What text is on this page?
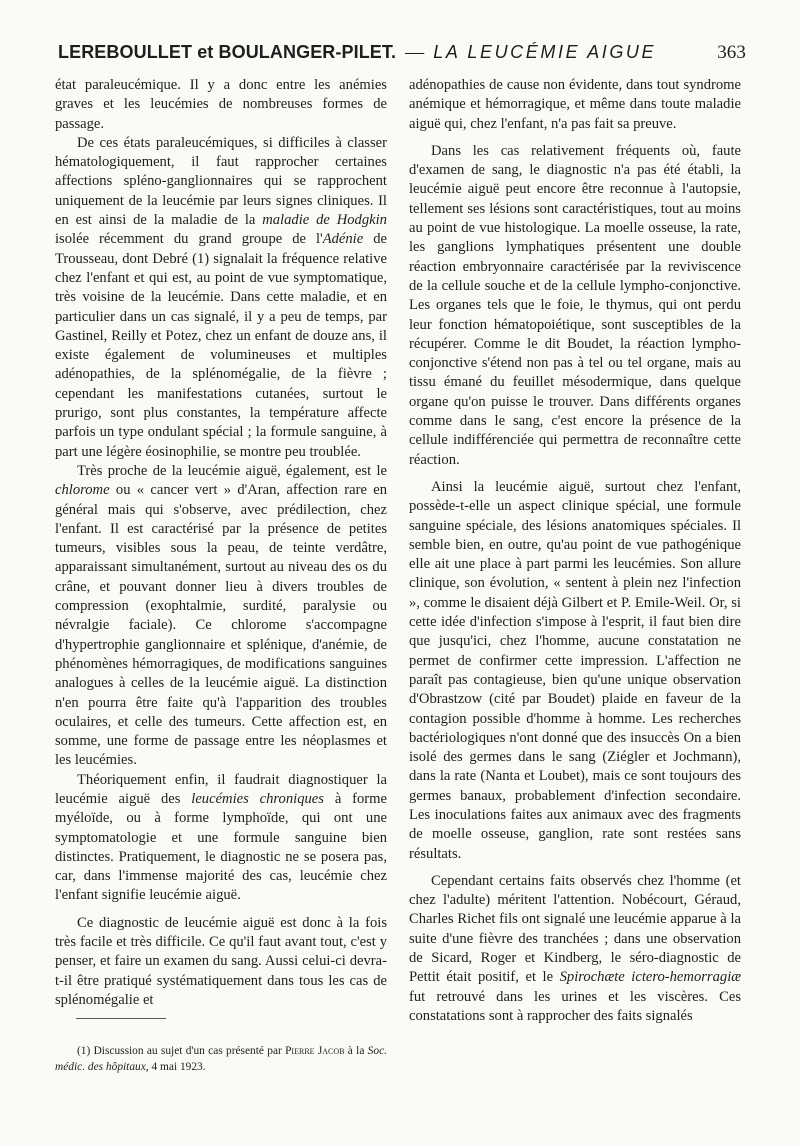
LEREBOULLET et BOULANGER-PILET. — LA LEUCÉMIE AIGUE	363

état paraleucémique. Il y a donc entre les anémies graves et les leucémies de nombreuses formes de passage.

De ces états paraleucémiques, si difficiles à classer hématologiquement, il faut rapprocher certaines affections spléno-ganglionnaires qui se rapprochent uniquement de la leucémie par leurs signes cliniques. Il en est ainsi de la maladie de la maladie de Hodgkin isolée récemment du grand groupe de l'Adénie de Trousseau, dont Debré (1) signalait la fréquence relative chez l'enfant et qui est, au point de vue symptomatique, très voisine de la leucémie. Dans cette maladie, et en particulier dans un cas signalé, il y a peu de temps, par Gastinel, Reilly et Potez, chez un enfant de douze ans, il existe également de volumineuses et multiples adénopathies, de la splénomégalie, de la fièvre ; cependant les manifestations cutanées, surtout le prurigo, sont plus constantes, la température affecte parfois un type ondulant spécial ; la formule sanguine, à part une légère éosinophilie, se montre peu troublée.

Très proche de la leucémie aiguë, également, est le chlorome ou « cancer vert » d'Aran, affection rare en général mais qui s'observe, avec prédilection, chez l'enfant. Il est caractérisé par la présence de petites tumeurs, visibles sous la peau, de teinte verdâtre, apparaissant simultanément, surtout au niveau des os du crâne, et pouvant donner lieu à divers troubles de compression (exophtalmie, surdité, paralysie ou névralgie faciale). Ce chlorome s'accompagne d'hypertrophie ganglionnaire et splénique, d'anémie, de phénomènes hémorragiques, de modifications sanguines analogues à celles de la leucémie aiguë. La distinction n'en pourra être faite qu'à l'apparition des troubles oculaires, et celle des tumeurs. Cette affection est, en somme, une forme de passage entre les néoplasmes et les leucémies.

Théoriquement enfin, il faudrait diagnostiquer la leucémie aiguë des leucémies chroniques à forme myéloïde, ou à forme lymphoïde, qui ont une symptomatologie et une formule sanguine bien distinctes. Pratiquement, le diagnostic ne se posera pas, car, dans l'immense majorité des cas, leucémie chez l'enfant signifie leucémie aiguë.

Ce diagnostic de leucémie aiguë est donc à la fois très facile et très difficile. Ce qu'il faut avant tout, c'est y penser, et faire un examen du sang. Aussi celui-ci devra-t-il être pratiqué systématiquement dans tous les cas de splénomégalie et

(1) Discussion au sujet d'un cas présenté par Pierre Jacob à la Soc. médic. des hôpitaux, 4 mai 1923.

adénopathies de cause non évidente, dans tout syndrome anémique et hémorragique, et même dans toute maladie aiguë qui, chez l'enfant, n'a pas fait sa preuve.

Dans les cas relativement fréquents où, faute d'examen de sang, le diagnostic n'a pas été établi, la leucémie aiguë peut encore être reconnue à l'autopsie, tellement ses lésions sont caractéristiques, tout au moins au point de vue histologique. La moelle osseuse, la rate, les ganglions lymphatiques présentent une double réaction embryonnaire caractérisée par la reviviscence de la cellule souche et de la cellule lympho-conjonctive. Les organes tels que le foie, le thymus, qui ont perdu leur fonction hématopoiétique, sont susceptibles de la récupérer. Comme le dit Boudet, la réaction lympho-conjonctive s'étend non pas à tel ou tel organe, mais au tissu émané du feuillet mésodermique, dans quelque organe qu'on puisse le trouver. Dans différents organes comme dans le sang, c'est encore la présence de la cellule indifférenciée qui permettra de reconnaître cette réaction.

Ainsi la leucémie aiguë, surtout chez l'enfant, possède-t-elle un aspect clinique spécial, une formule sanguine spéciale, des lésions anatomiques spéciales. Il semble bien, en outre, qu'au point de vue pathogénique elle ait une place à part parmi les leucémies. Son allure clinique, son évolution, « sentent à plein nez l'infection », comme le disaient déjà Gilbert et P. Emile-Weil. Or, si cette idée d'infection s'impose à l'esprit, il faut bien dire que jusqu'ici, chez l'homme, aucune constatation ne permet de confirmer cette impression. L'affection ne paraît pas contagieuse, bien qu'une unique observation d'Obrastzow (cité par Boudet) plaide en faveur de la contagion possible d'homme à homme. Les recherches bactériologiques n'ont donné que des insuccès On a bien isolé des germes dans le sang (Ziégler et Jochmann), dans la rate (Nanta et Loubet), mais ce sont toujours des germes banaux, probablement d'infection secondaire. Les inoculations faites aux animaux avec des fragments de moelle osseuse, ganglion, rate sont restées sans résultats.

Cependant certains faits observés chez l'homme (et chez l'adulte) méritent l'attention. Nobécourt, Géraud, Charles Richet fils ont signalé une leucémie apparue à la suite d'une fièvre des tranchées ; dans une observation de Sicard, Roger et Kindberg, le séro-diagnostic de Pettit était positif, et le Spirochæte ictero-hemorragiæ fut retrouvé dans les urines et les viscères. Ces constatations sont à rapprocher des faits signalés
